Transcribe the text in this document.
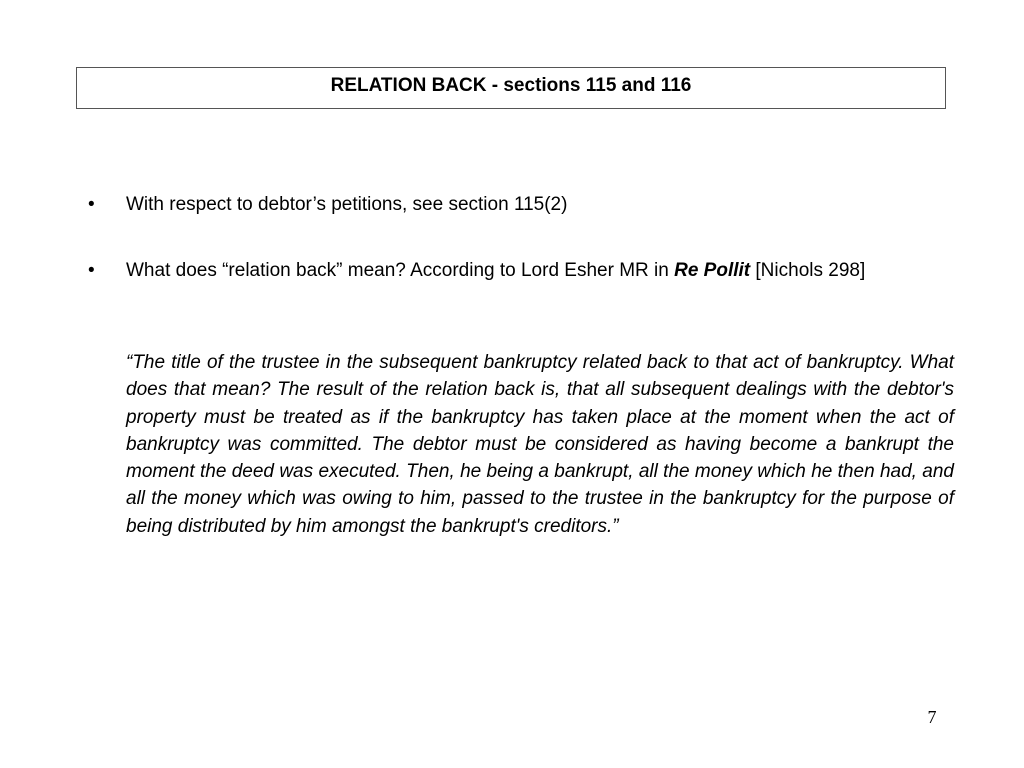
RELATION BACK - sections 115 and 116
•	With respect to debtor’s petitions, see section 115(2)
•	What does “relation back” mean? According to Lord Esher MR in Re Pollit [Nichols 298]
“The title of the trustee in the subsequent bankruptcy related back to that act of bankruptcy. What does that mean? The result of the relation back is, that all subsequent dealings with the debtor's property must be treated as if the bankruptcy has taken place at the moment when the act of bankruptcy was committed. The debtor must be considered as having become a bankrupt the moment the deed was executed. Then, he being a bankrupt, all the money which he then had, and all the money which was owing to him, passed to the trustee in the bankruptcy for the purpose of being distributed by him amongst the bankrupt's creditors.”
7
